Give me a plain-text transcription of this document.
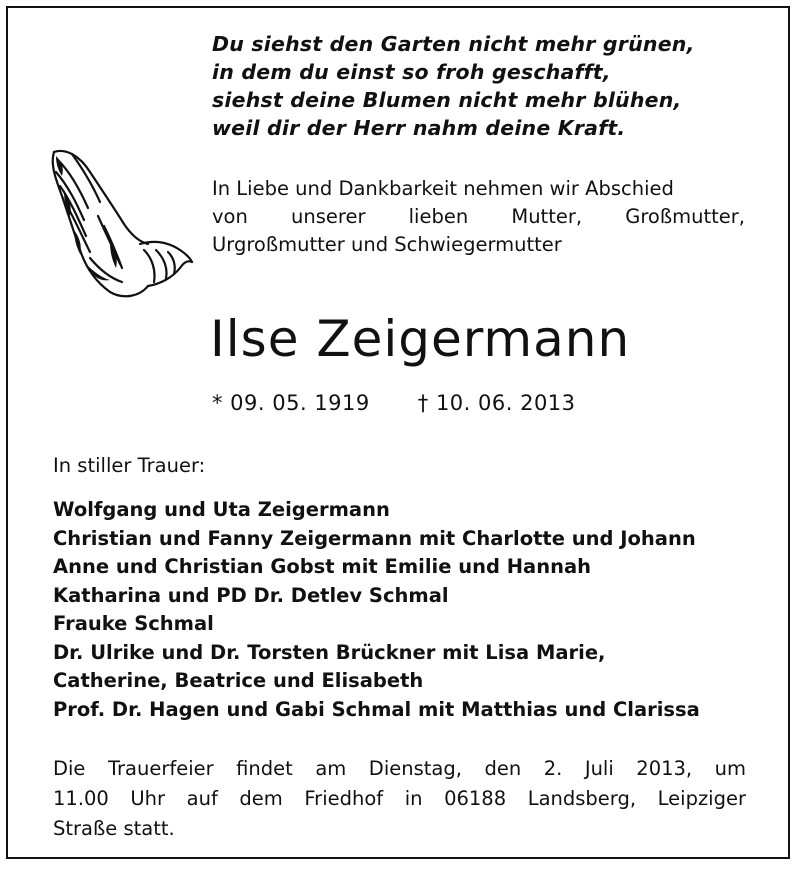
Du siehst den Garten nicht mehr grünen,
in dem du einst so froh geschafft,
siehst deine Blumen nicht mehr blühen,
weil dir der Herr nahm deine Kraft.
In Liebe und Dankbarkeit nehmen wir Abschied
von unserer lieben Mutter, Großmutter,
Urgroßmutter und Schwiegermutter
Ilse Zeigermann
* 09. 05. 1919 † 10. 06. 2013
In stiller Trauer:
Wolfgang und Uta Zeigermann
Christian und Fanny Zeigermann mit Charlotte und Johann
Anne und Christian Gobst mit Emilie und Hannah
Katharina und PD Dr. Detlev Schmal
Frauke Schmal
Dr. Ulrike und Dr. Torsten Brückner mit Lisa Marie,
Catherine, Beatrice und Elisabeth
Prof. Dr. Hagen und Gabi Schmal mit Matthias und Clarissa
Die Trauerfeier findet am Dienstag, den 2. Juli 2013, um
11.00 Uhr auf dem Friedhof in 06188 Landsberg, Leipziger
Straße statt.
